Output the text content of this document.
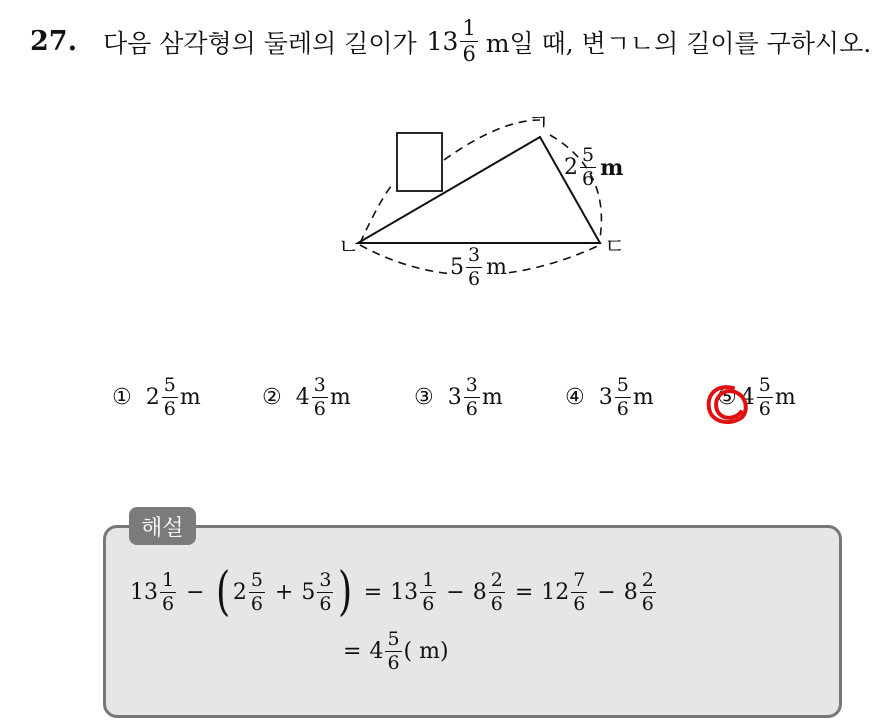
27. 다음 삼각형의 둘레의 길이가 $13 \frac{1}{6}$ m일 때, 변ㄱㄴ의 길이를 구하시오.
ㄱ
ㄴ	ㄷ
$2 \frac{5}{6}$ m
$5 \frac{3}{6}$ m
① $2 \frac{5}{6}$ m	② $4 \frac{3}{6}$ m	③ $3 \frac{3}{6}$ m	④ $3 \frac{5}{6}$ m	⑤ $4 \frac{5}{6}$ m
해설
$13 \frac{1}{6}$ − ( $2 \frac{5}{6} + 5 \frac{3}{6}$ ) = $13 \frac{1}{6} - 8 \frac{2}{6} = 12 \frac{7}{6} - 8 \frac{2}{6}$
= $4 \frac{5}{6}$ ( m)
